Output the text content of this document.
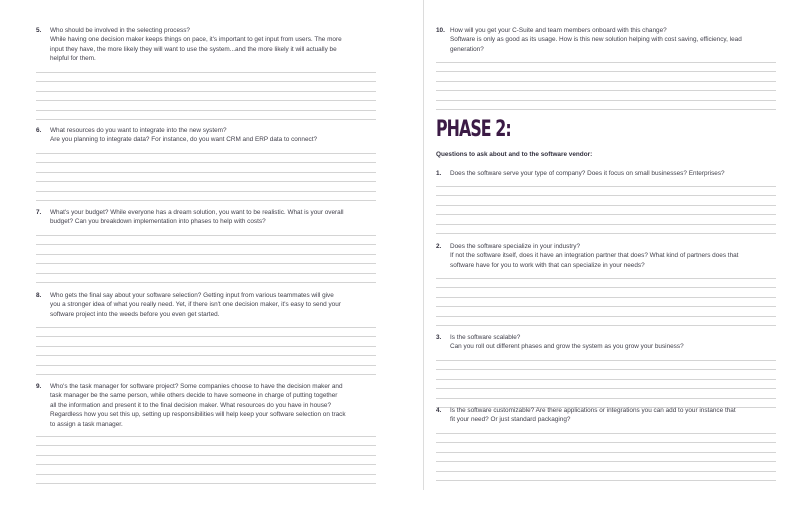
5. Who should be involved in the selecting process?
While having one decision maker keeps things on pace, it's important to get input from users. The more
input they have, the more likely they will want to use the system...and the more likely it will actually be
helpful for them.
6. What resources do you want to integrate into the new system?
Are you planning to integrate data? For instance, do you want CRM and ERP data to connect?
7. What's your budget? While everyone has a dream solution, you want to be realistic. What is your overall
budget? Can you breakdown implementation into phases to help with costs?
8. Who gets the final say about your software selection? Getting input from various teammates will give
you a stronger idea of what you really need. Yet, if there isn't one decision maker, it's easy to send your
software project into the weeds before you even get started.
9. Who's the task manager for software project? Some companies choose to have the decision maker and
task manager be the same person, while others decide to have someone in charge of putting together
all the information and present it to the final decision maker. What resources do you have in house?
Regardless how you set this up, setting up responsibilities will help keep your software selection on track
to assign a task manager.
10. How will you get your C-Suite and team members onboard with this change?
Software is only as good as its usage. How is this new solution helping with cost saving, efficiency, lead
generation?
PHASE 2:
Questions to ask about and to the software vendor:
1. Does the software serve your type of company? Does it focus on small businesses? Enterprises?
2. Does the software specialize in your industry?
If not the software itself, does it have an integration partner that does? What kind of partners does that
software have for you to work with that can specialize in your needs?
3. Is the software scalable?
Can you roll out different phases and grow the system as you grow your business?
4. Is the software customizable? Are there applications or integrations you can add to your instance that
fit your need? Or just standard packaging?
